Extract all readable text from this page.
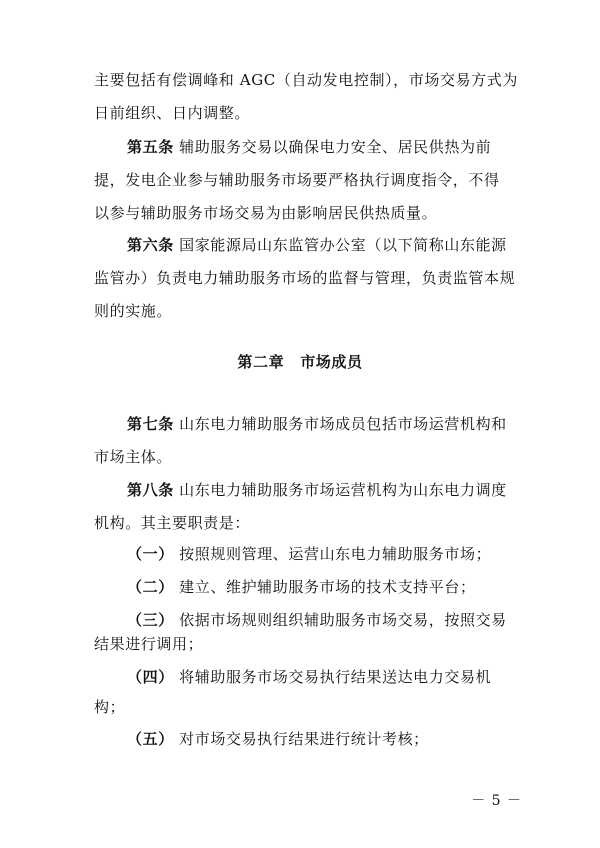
主要包括有偿调峰和 AGC（自动发电控制），市场交易方式为
日前组织、日内调整。
第五条 辅助服务交易以确保电力安全、居民供热为前
提，发电企业参与辅助服务市场要严格执行调度指令，不得
以参与辅助服务市场交易为由影响居民供热质量。
第六条 国家能源局山东监管办公室（以下简称山东能源
监管办）负责电力辅助服务市场的监督与管理，负责监管本规
则的实施。
第二章 市场成员
第七条 山东电力辅助服务市场成员包括市场运营机构和
市场主体。
第八条 山东电力辅助服务市场运营机构为山东电力调度
机构。其主要职责是：
（一） 按照规则管理、运营山东电力辅助服务市场；
（二） 建立、维护辅助服务市场的技术支持平台；
（三） 依据市场规则组织辅助服务市场交易，按照交易
结果进行调用；
（四） 将辅助服务市场交易执行结果送达电力交易机
构；
（五） 对市场交易执行结果进行统计考核；
－ 5 －
